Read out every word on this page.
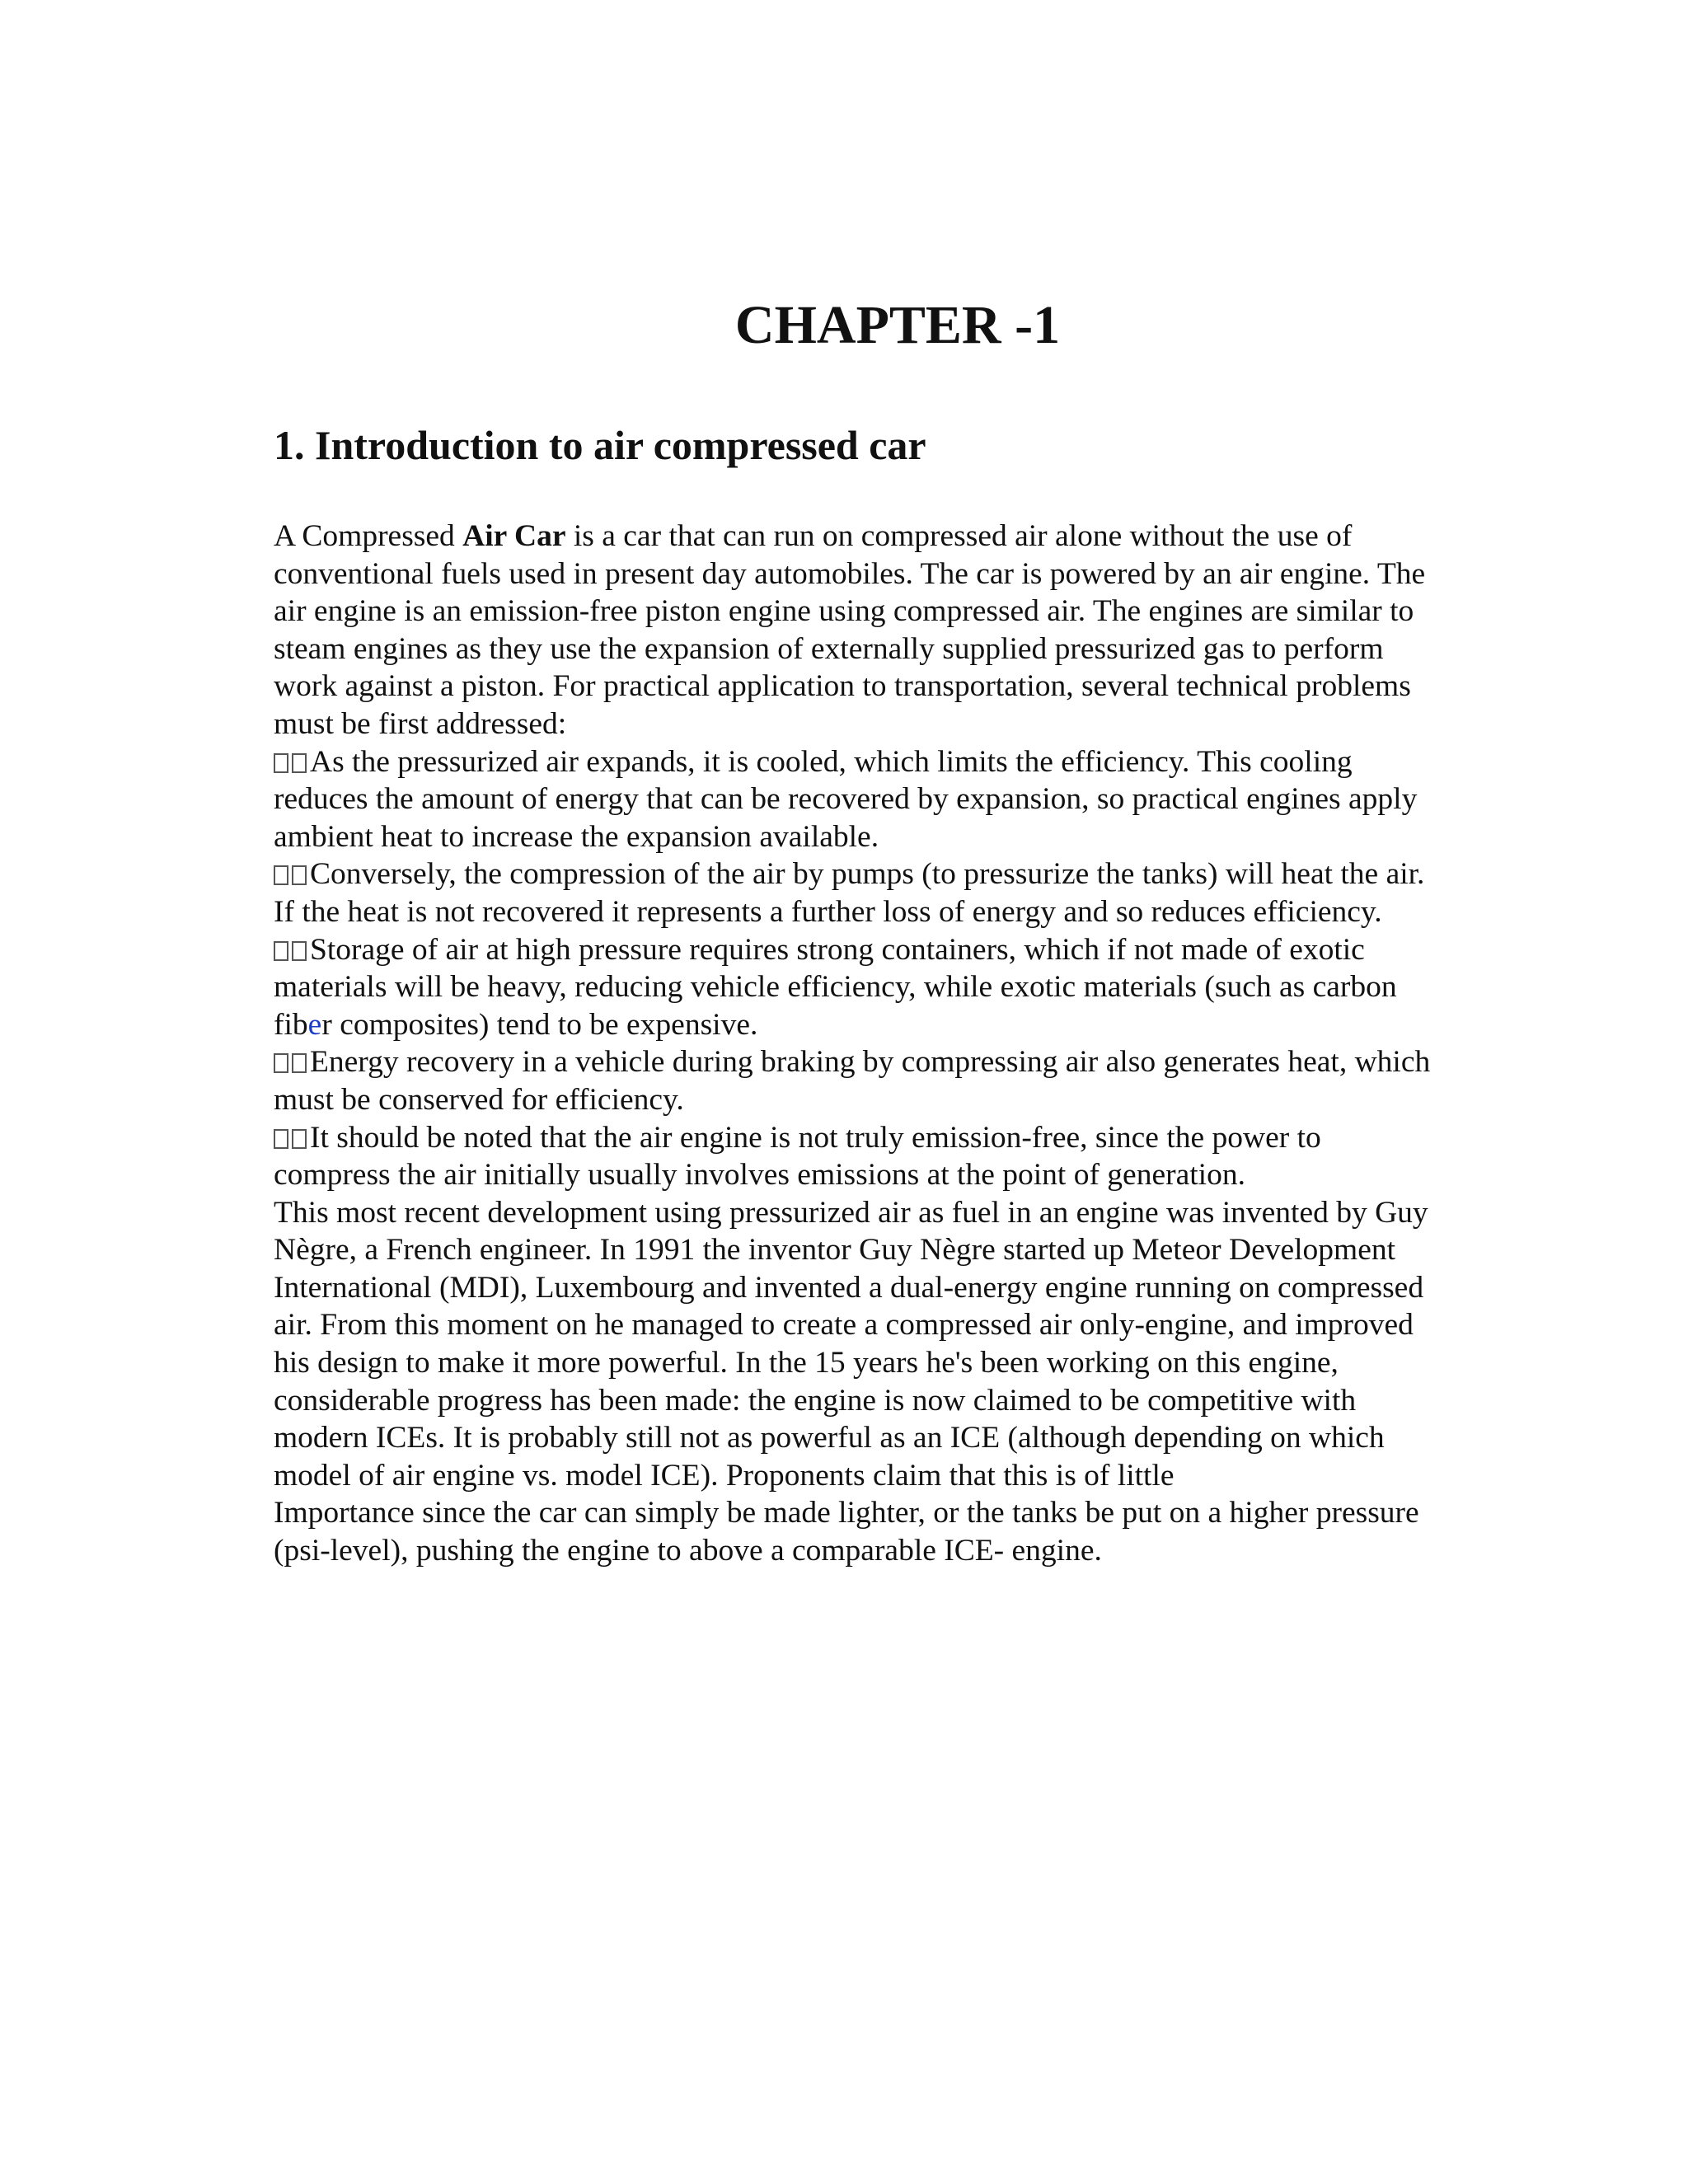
CHAPTER -1
1. Introduction to air compressed car
A Compressed Air Car is a car that can run on compressed air alone without the use of
conventional fuels used in present day automobiles. The car is powered by an air engine. The
air engine is an emission-free piston engine using compressed air. The engines are similar to
steam engines as they use the expansion of externally supplied pressurized gas to perform
work against a piston. For practical application to transportation, several technical problems
must be first addressed:
As the pressurized air expands, it is cooled, which limits the efficiency. This cooling
reduces the amount of energy that can be recovered by expansion, so practical engines apply
ambient heat to increase the expansion available.
Conversely, the compression of the air by pumps (to pressurize the tanks) will heat the air.
If the heat is not recovered it represents a further loss of energy and so reduces efficiency.
Storage of air at high pressure requires strong containers, which if not made of exotic
materials will be heavy, reducing vehicle efficiency, while exotic materials (such as carbon
fiber composites) tend to be expensive.
Energy recovery in a vehicle during braking by compressing air also generates heat, which
must be conserved for efficiency.
It should be noted that the air engine is not truly emission-free, since the power to
compress the air initially usually involves emissions at the point of generation.
This most recent development using pressurized air as fuel in an engine was invented by Guy
Nègre, a French engineer. In 1991 the inventor Guy Nègre started up Meteor Development
International (MDI), Luxembourg and invented a dual-energy engine running on compressed
air. From this moment on he managed to create a compressed air only-engine, and improved
his design to make it more powerful. In the 15 years he's been working on this engine,
considerable progress has been made: the engine is now claimed to be competitive with
modern ICEs. It is probably still not as powerful as an ICE (although depending on which
model of air engine vs. model ICE). Proponents claim that this is of little
Importance since the car can simply be made lighter, or the tanks be put on a higher pressure
(psi-level), pushing the engine to above a comparable ICE- engine.
